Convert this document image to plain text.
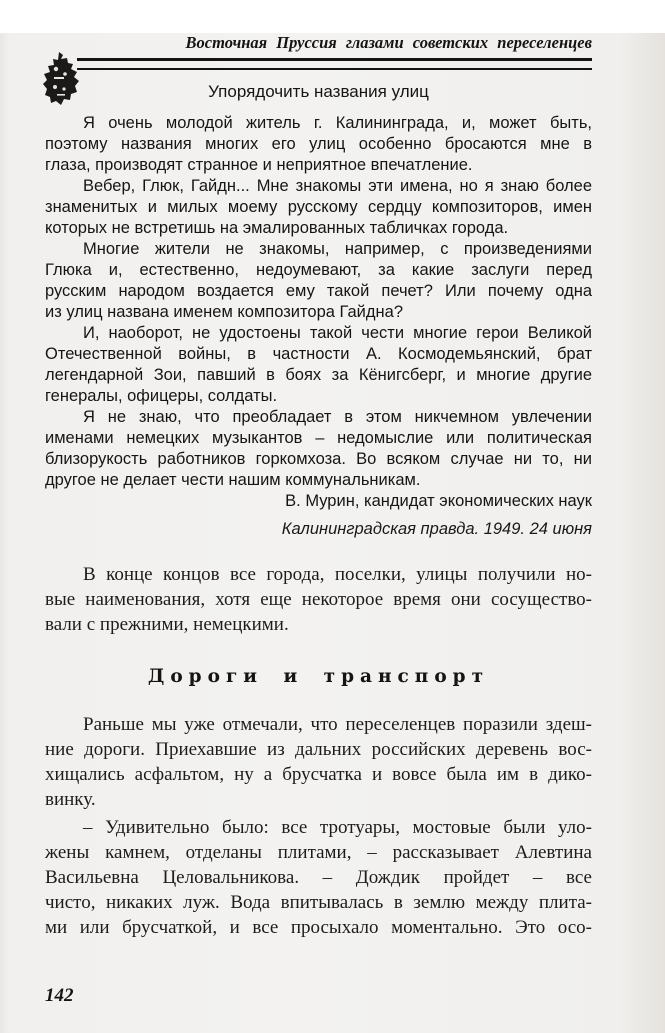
Восточная Пруссия глазами советских переселенцев
Упорядочить названия улиц
Я очень молодой житель г. Калининграда, и, может быть,
поэтому названия многих его улиц особенно бросаются мне в
глаза, производят странное и неприятное впечатление.
Вебер, Глюк, Гайдн... Мне знакомы эти имена, но я знаю более
знаменитых и милых моему русскому сердцу композиторов, имен
которых не встретишь на эмалированных табличках города.
Многие жители не знакомы, например, с произведениями
Глюка и, естественно, недоумевают, за какие заслуги перед
русским народом воздается ему такой печет? Или почему одна
из улиц названа именем композитора Гайдна?
И, наоборот, не удостоены такой чести многие герои Великой
Отечественной войны, в частности А. Космодемьянский, брат
легендарной Зои, павший в боях за Кёнигсберг, и многие другие
генералы, офицеры, солдаты.
Я не знаю, что преобладает в этом никчемном увлечении
именами немецких музыкантов – недомыслие или политическая
близорукость работников горкомхоза. Во всяком случае ни то, ни
другое не делает чести нашим коммунальникам.
В. Мурин, кандидат экономических наук
Калининградская правда. 1949. 24 июня
В конце концов все города, поселки, улицы получили но-
вые наименования, хотя еще некоторое время они сосущество-
вали с прежними, немецкими.
Дороги и транспорт
Раньше мы уже отмечали, что переселенцев поразили здеш-
ние дороги. Приехавшие из дальних российских деревень вос-
хищались асфальтом, ну а брусчатка и вовсе была им в дико-
винку.
– Удивительно было: все тротуары, мостовые были уло-
жены камнем, отделаны плитами, – рассказывает Алевтина
Васильевна Целовальникова. – Дождик пройдет – все
чисто, никаких луж. Вода впитывалась в землю между плита-
ми или брусчаткой, и все просыхало моментально. Это осо-
142
